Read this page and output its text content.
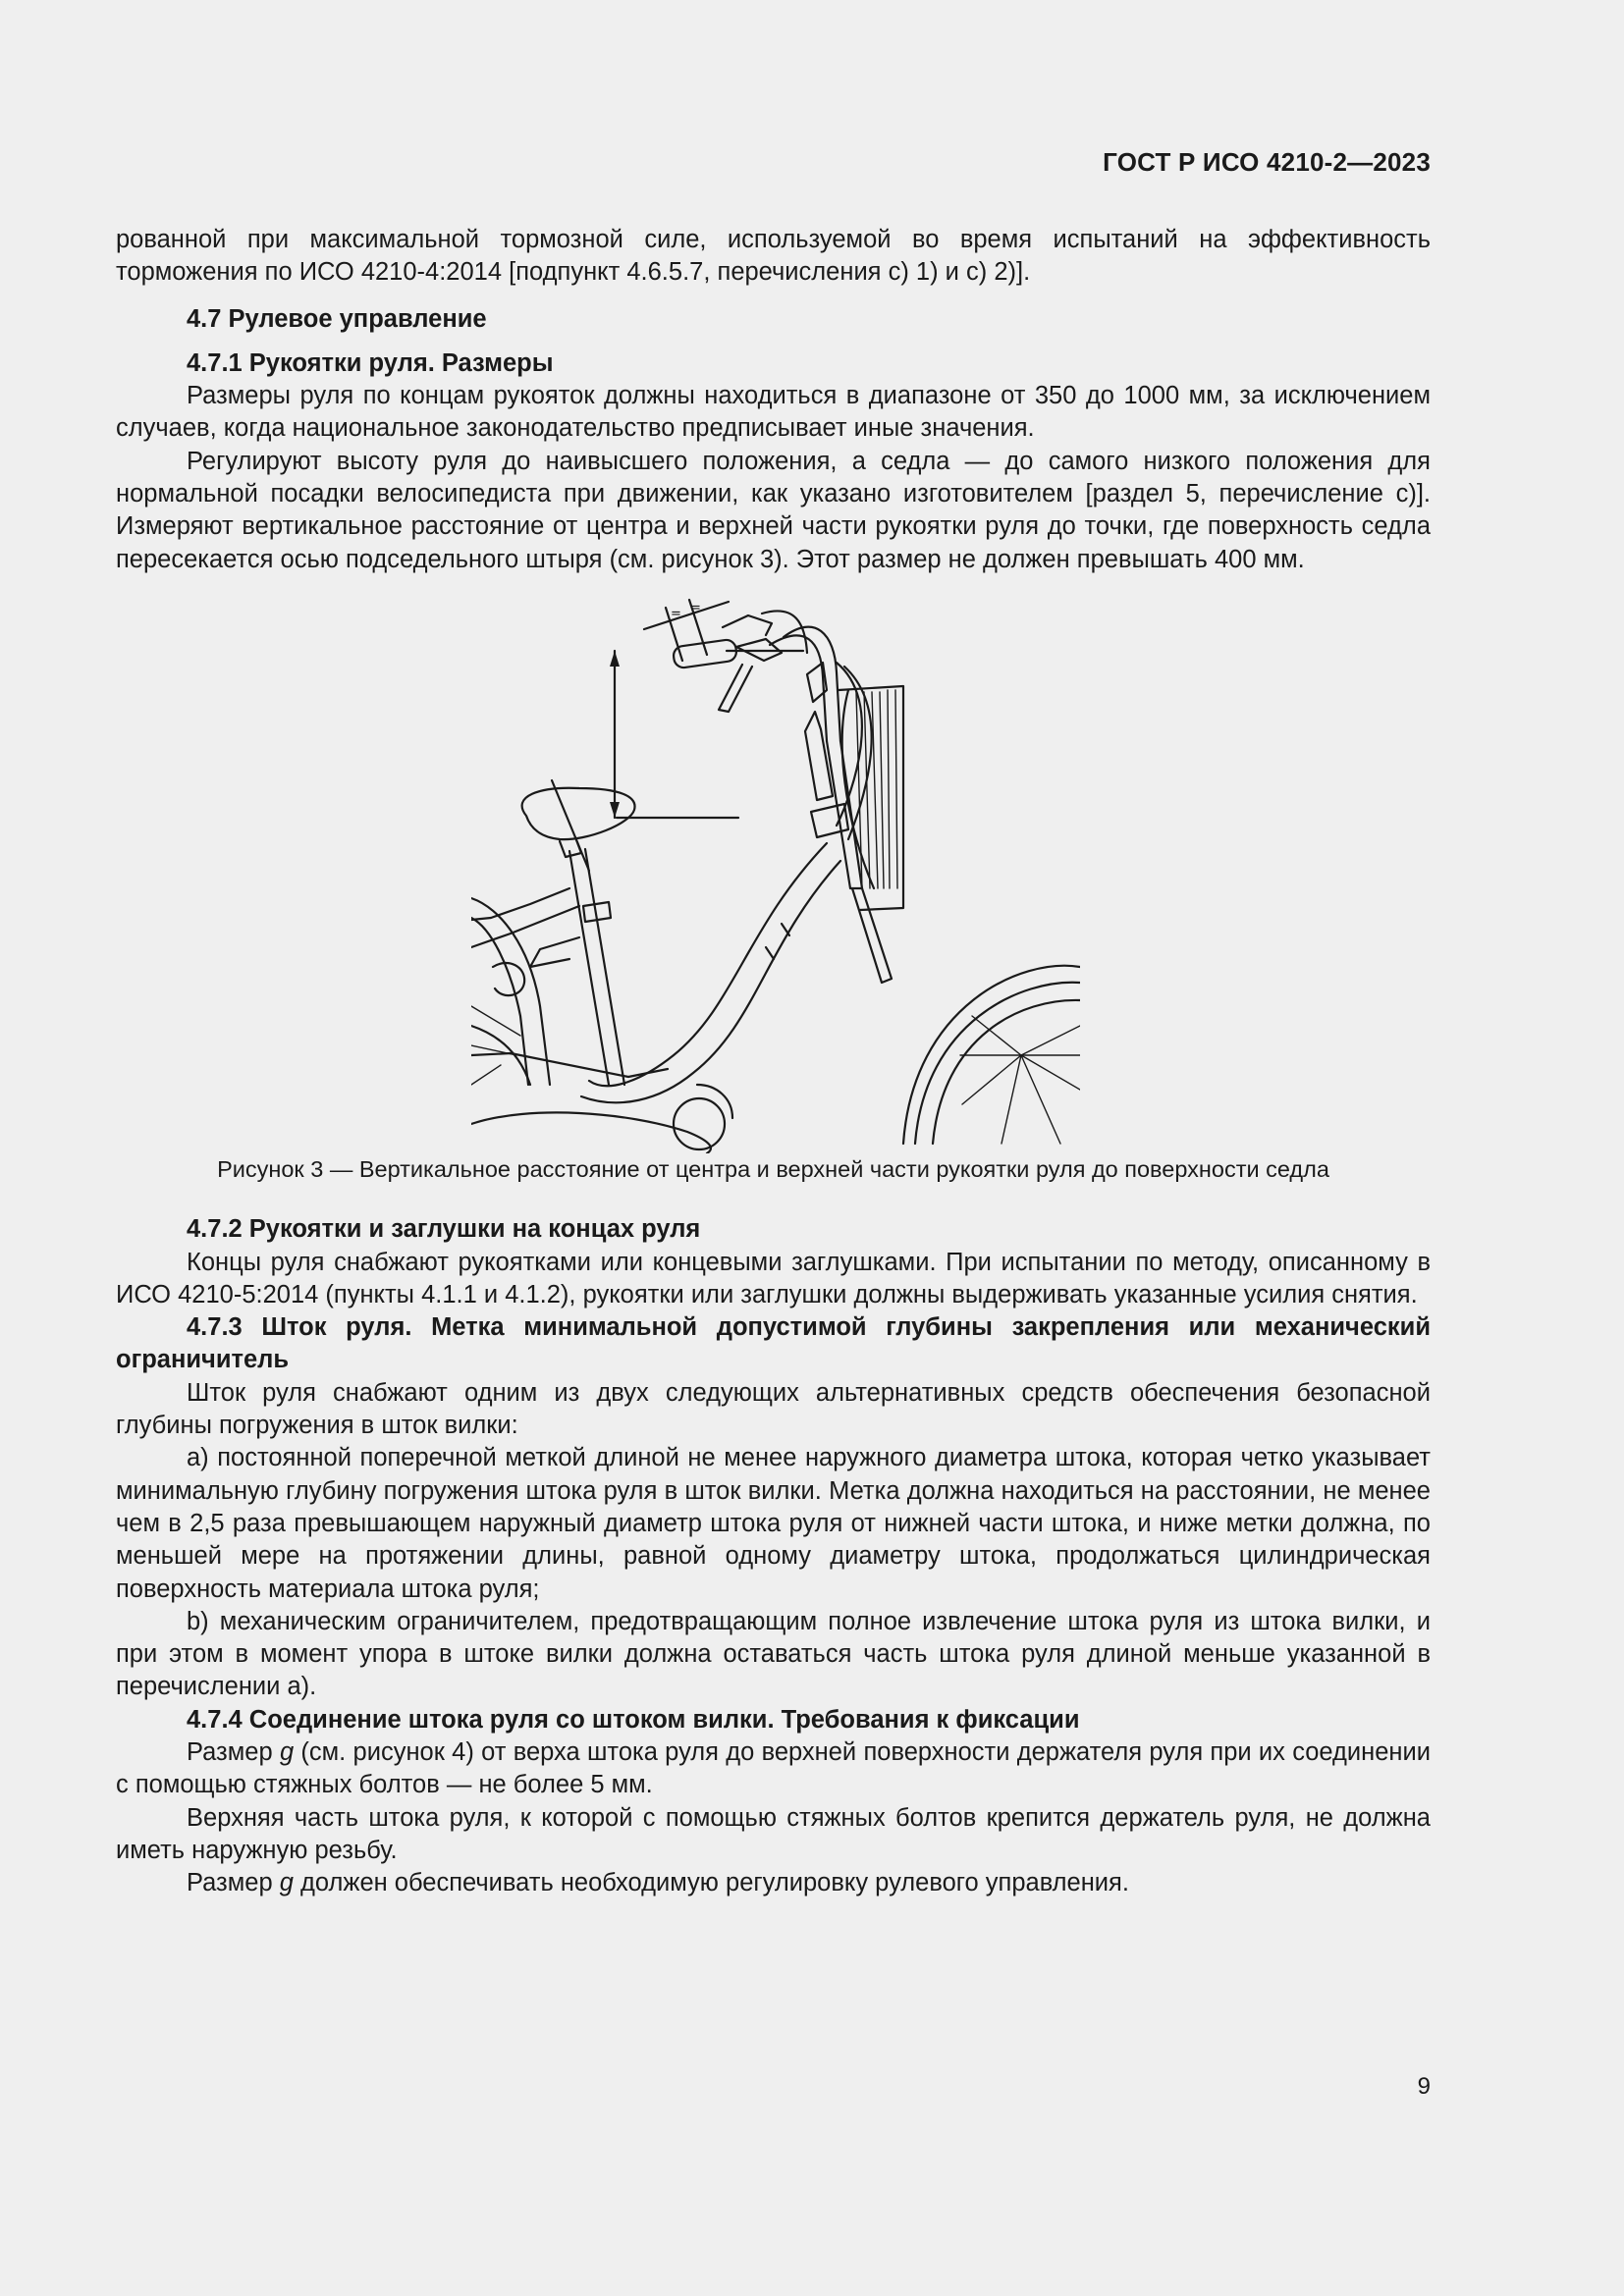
ГОСТ Р ИСО 4210-2—2023

рованной при максимальной тормозной силе, используемой во время испытаний на эффективность торможения по ИСО 4210-4:2014 [подпункт 4.6.5.7, перечисления с) 1) и с) 2)].

4.7 Рулевое управление

4.7.1 Рукоятки руля. Размеры

Размеры руля по концам рукояток должны находиться в диапазоне от 350 до 1000 мм, за исключением случаев, когда национальное законодательство предписывает иные значения.

Регулируют высоту руля до наивысшего положения, а седла — до самого низкого положения для нормальной посадки велосипедиста при движении, как указано изготовителем [раздел 5, перечисление с)]. Измеряют вертикальное расстояние от центра и верхней части рукоятки руля до точки, где поверхность седла пересекается осью подседельного штыря (см. рисунок 3). Этот размер не должен превышать 400 мм.

= =

Рисунок 3 — Вертикальное расстояние от центра и верхней части рукоятки руля до поверхности седла

4.7.2 Рукоятки и заглушки на концах руля

Концы руля снабжают рукоятками или концевыми заглушками. При испытании по методу, описанному в ИСО 4210-5:2014 (пункты 4.1.1 и 4.1.2), рукоятки или заглушки должны выдерживать указанные усилия снятия.

4.7.3 Шток руля. Метка минимальной допустимой глубины закрепления или механический ограничитель

Шток руля снабжают одним из двух следующих альтернативных средств обеспечения безопасной глубины погружения в шток вилки:

а) постоянной поперечной меткой длиной не менее наружного диаметра штока, которая четко указывает минимальную глубину погружения штока руля в шток вилки. Метка должна находиться на расстоянии, не менее чем в 2,5 раза превышающем наружный диаметр штока руля от нижней части штока, и ниже метки должна, по меньшей мере на протяжении длины, равной одному диаметру штока, продолжаться цилиндрическая поверхность материала штока руля;

b) механическим ограничителем, предотвращающим полное извлечение штока руля из штока вилки, и при этом в момент упора в штоке вилки должна оставаться часть штока руля длиной меньше указанной в перечислении а).

4.7.4 Соединение штока руля со штоком вилки. Требования к фиксации

Размер g (см. рисунок 4) от верха штока руля до верхней поверхности держателя руля при их соединении с помощью стяжных болтов — не более 5 мм.

Верхняя часть штока руля, к которой с помощью стяжных болтов крепится держатель руля, не должна иметь наружную резьбу.

Размер g должен обеспечивать необходимую регулировку рулевого управления.

9
